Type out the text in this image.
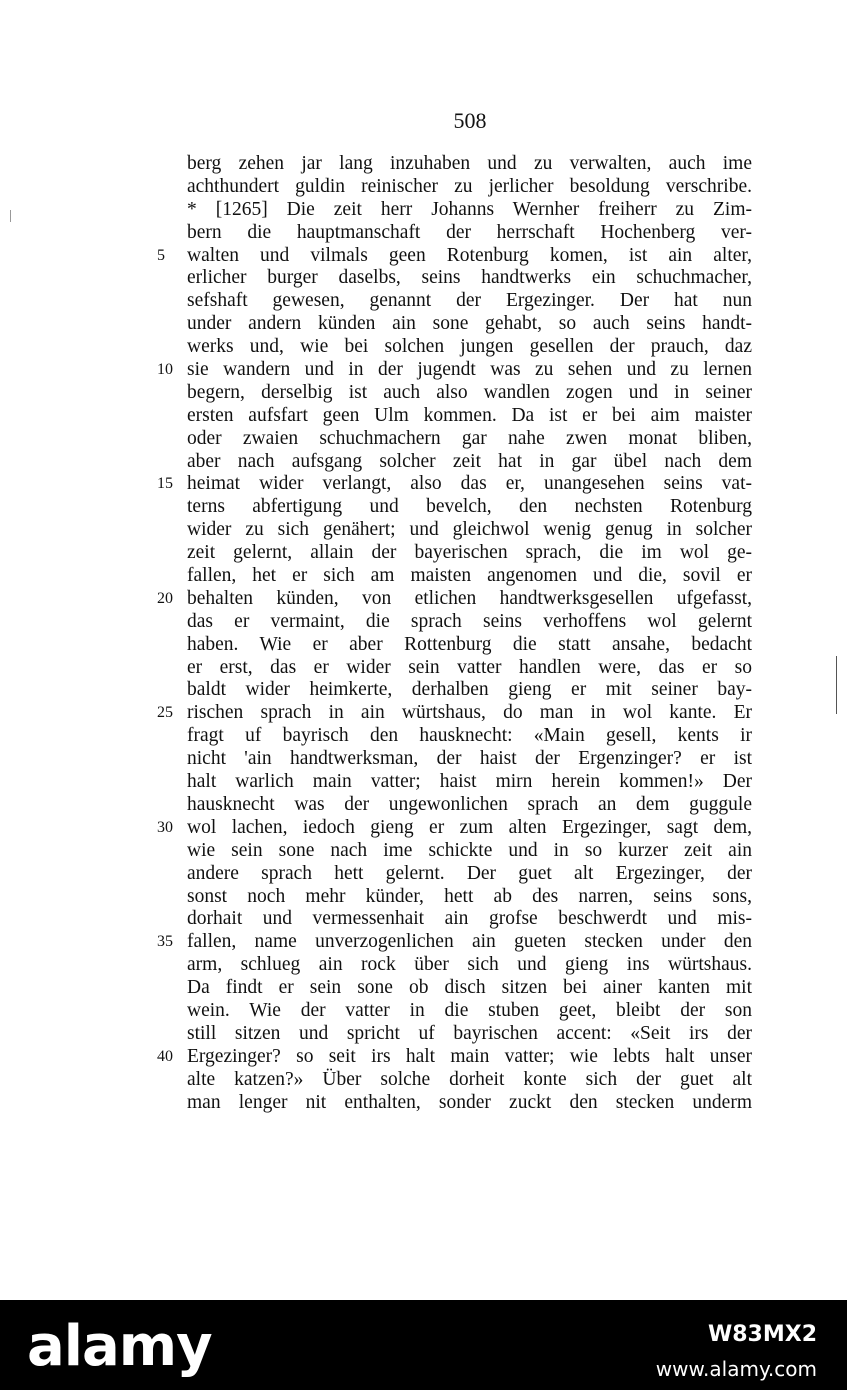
508
berg zehen jar lang inzuhaben und zu verwalten, auch ime
achthundert guldin reinischer zu jerlicher besoldung verschribe.
* [1265] Die zeit herr Johanns Wernher freiherr zu Zim-
bern die hauptmanschaft der herrschaft Hochenberg ver-
5	walten und vilmals geen Rotenburg komen, ist ain alter,
erlicher burger daselbs, seins handtwerks ein schuchmacher,
sefshaft gewesen, genannt der Ergezinger. Der hat nun
under andern künden ain sone gehabt, so auch seins handt-
werks und, wie bei solchen jungen gesellen der prauch, daz
10 sie wandern und in der jugendt was zu sehen und zu lernen
begern, derselbig ist auch also wandlen zogen und in seiner
ersten aufsfart geen Ulm kommen. Da ist er bei aim maister
oder zwaien schuchmachern gar nahe zwen monat bliben,
aber nach aufsgang solcher zeit hat in gar übel nach dem
15 heimat wider verlangt, also das er, unangesehen seins vat-
terns abfertigung und bevelch, den nechsten Rotenburg
wider zu sich genähert; und gleichwol wenig genug in solcher
zeit gelernt, allain der bayerischen sprach, die im wol ge-
fallen, het er sich am maisten angenomen und die, sovil er
20 behalten künden, von etlichen handtwerksgesellen ufgefasst,
das er vermaint, die sprach seins verhoffens wol gelernt
haben. Wie er aber Rottenburg die statt ansahe, bedacht
er erst, das er wider sein vatter handlen were, das er so
baldt wider heimkerte, derhalben gieng er mit seiner bay-
25 rischen sprach in ain würtshaus, do man in wol kante. Er
fragt uf bayrisch den hausknecht: «Main gesell, kents ir
nicht 'ain handtwerksman, der haist der Ergenzinger? er ist
halt warlich main vatter; haist mirn herein kommen!» Der
hausknecht was der ungewonlichen sprach an dem guggule
30 wol lachen, iedoch gieng er zum alten Ergezinger, sagt dem,
wie sein sone nach ime schickte und in so kurzer zeit ain
andere sprach hett gelernt. Der guet alt Ergezinger, der
sonst noch mehr künder, hett ab des narren, seins sons,
dorhait und vermessenhait ain grofse beschwerdt und mis-
35 fallen, name unverzogenlichen ain gueten stecken under den
arm, schlueg ain rock über sich und gieng ins würtshaus.
Da findt er sein sone ob disch sitzen bei ainer kanten mit
wein. Wie der vatter in die stuben geet, bleibt der son
still sitzen und spricht uf bayrischen accent: «Seit irs der
40 Ergezinger? so seit irs halt main vatter; wie lebts halt unser
alte katzen?» Über solche dorheit konte sich der guet alt
man lenger nit enthalten, sonder zuckt den stecken underm
alamy	W83MX2
www.alamy.com
